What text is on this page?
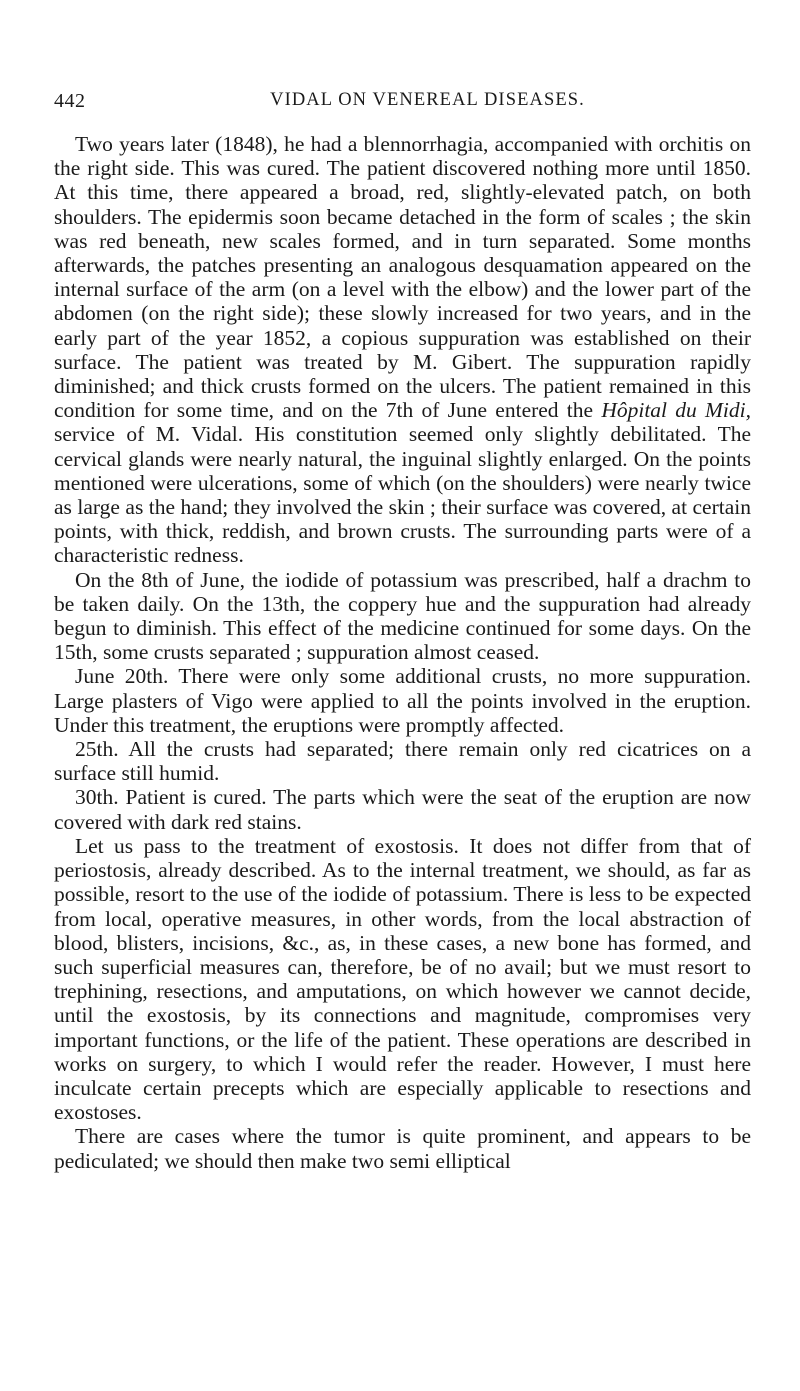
442	VIDAL ON VENEREAL DISEASES.

Two years later (1848), he had a blennorrhagia, accompanied with orchitis on the right side. This was cured. The patient discovered nothing more until 1850. At this time, there appeared a broad, red, slightly-elevated patch, on both shoulders. The epidermis soon became detached in the form of scales ; the skin was red beneath, new scales formed, and in turn separated. Some months afterwards, the patches presenting an analogous desquamation appeared on the internal surface of the arm (on a level with the elbow) and the lower part of the abdomen (on the right side); these slowly increased for two years, and in the early part of the year 1852, a copious suppuration was established on their surface. The patient was treated by M. Gibert. The suppuration rapidly diminished; and thick crusts formed on the ulcers. The patient remained in this condition for some time, and on the 7th of June entered the Hôpital du Midi, service of M. Vidal. His constitution seemed only slightly debilitated. The cervical glands were nearly natural, the inguinal slightly enlarged. On the points mentioned were ulcerations, some of which (on the shoulders) were nearly twice as large as the hand; they involved the skin ; their surface was covered, at certain points, with thick, reddish, and brown crusts. The surrounding parts were of a characteristic redness.

On the 8th of June, the iodide of potassium was prescribed, half a drachm to be taken daily. On the 13th, the coppery hue and the suppuration had already begun to diminish. This effect of the medicine continued for some days. On the 15th, some crusts separated ; suppuration almost ceased.

June 20th. There were only some additional crusts, no more suppuration. Large plasters of Vigo were applied to all the points involved in the eruption. Under this treatment, the eruptions were promptly affected.

25th. All the crusts had separated; there remain only red cicatrices on a surface still humid.

30th. Patient is cured. The parts which were the seat of the eruption are now covered with dark red stains.

Let us pass to the treatment of exostosis. It does not differ from that of periostosis, already described. As to the internal treatment, we should, as far as possible, resort to the use of the iodide of potassium. There is less to be expected from local, operative measures, in other words, from the local abstraction of blood, blisters, incisions, &c., as, in these cases, a new bone has formed, and such superficial measures can, therefore, be of no avail; but we must resort to trephining, resections, and amputations, on which however we cannot decide, until the exostosis, by its connections and magnitude, compromises very important functions, or the life of the patient. These operations are described in works on surgery, to which I would refer the reader. However, I must here inculcate certain precepts which are especially applicable to resections and exostoses.

There are cases where the tumor is quite prominent, and appears to be pediculated; we should then make two semi elliptical
